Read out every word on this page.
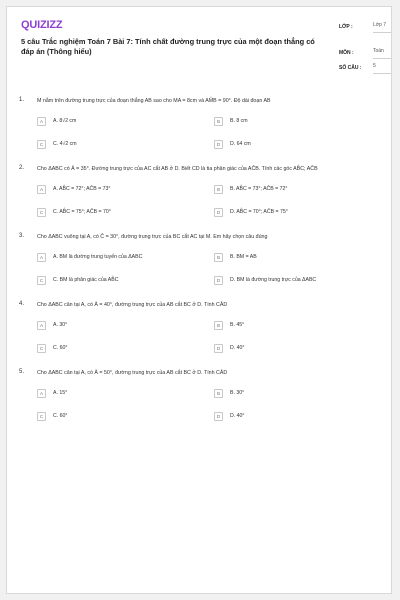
QUIZIZZ
5 câu Trắc nghiệm Toán 7 Bài 7: Tính chất đường trung trực của một đoạn thẳng có đáp án (Thông hiểu)
LỚP :	Lớp 7
MÔN :	Toán
SỐ CÂU : 5
1. M nằm trên đường trung trực của đoạn thẳng AB sao cho MA = 8cm và AM̂B = 90°. Độ dài đoạn AB
A	A. 8√2 cm	B	B. 8 cm
C	C. 4√2 cm	D	D. 64 cm
2. Cho ΔABC có Â = 35°. Đường trung trực của AC cắt AB ở D. Biết CD là tia phân giác của AĈB. Tính các góc AB̂C; AĈB
A	A. AB̂C = 72°; AĈB = 73°	B	B. AB̂C = 73°; AĈB = 72°
C	C. AB̂C = 75°; AĈB = 70°	D	D. AB̂C = 70°; AĈB = 75°
3. Cho ΔABC vuông tại A, có Ĉ = 30°, đường trung trực của BC cắt AC tại M. Em hãy chọn câu đúng
A	A. BM là đường trung tuyến của ΔABC	B	B. BM = AB
C	C. BM là phân giác của AB̂C	D	D. BM là đường trung trực của ΔABC
4. Cho ΔABC cân tại A, có Â = 40°, đường trung trực của AB cắt BC ở D. Tính CÂD
A	A. 30°	B	B. 45°
C	C. 60°	D	D. 40°
5. Cho ΔABC cân tại A, có Â = 50°, đường trung trực của AB cắt BC ở D. Tính CÂD
A	A. 15°	B	B. 30°
C	C. 60°	D	D. 40°
